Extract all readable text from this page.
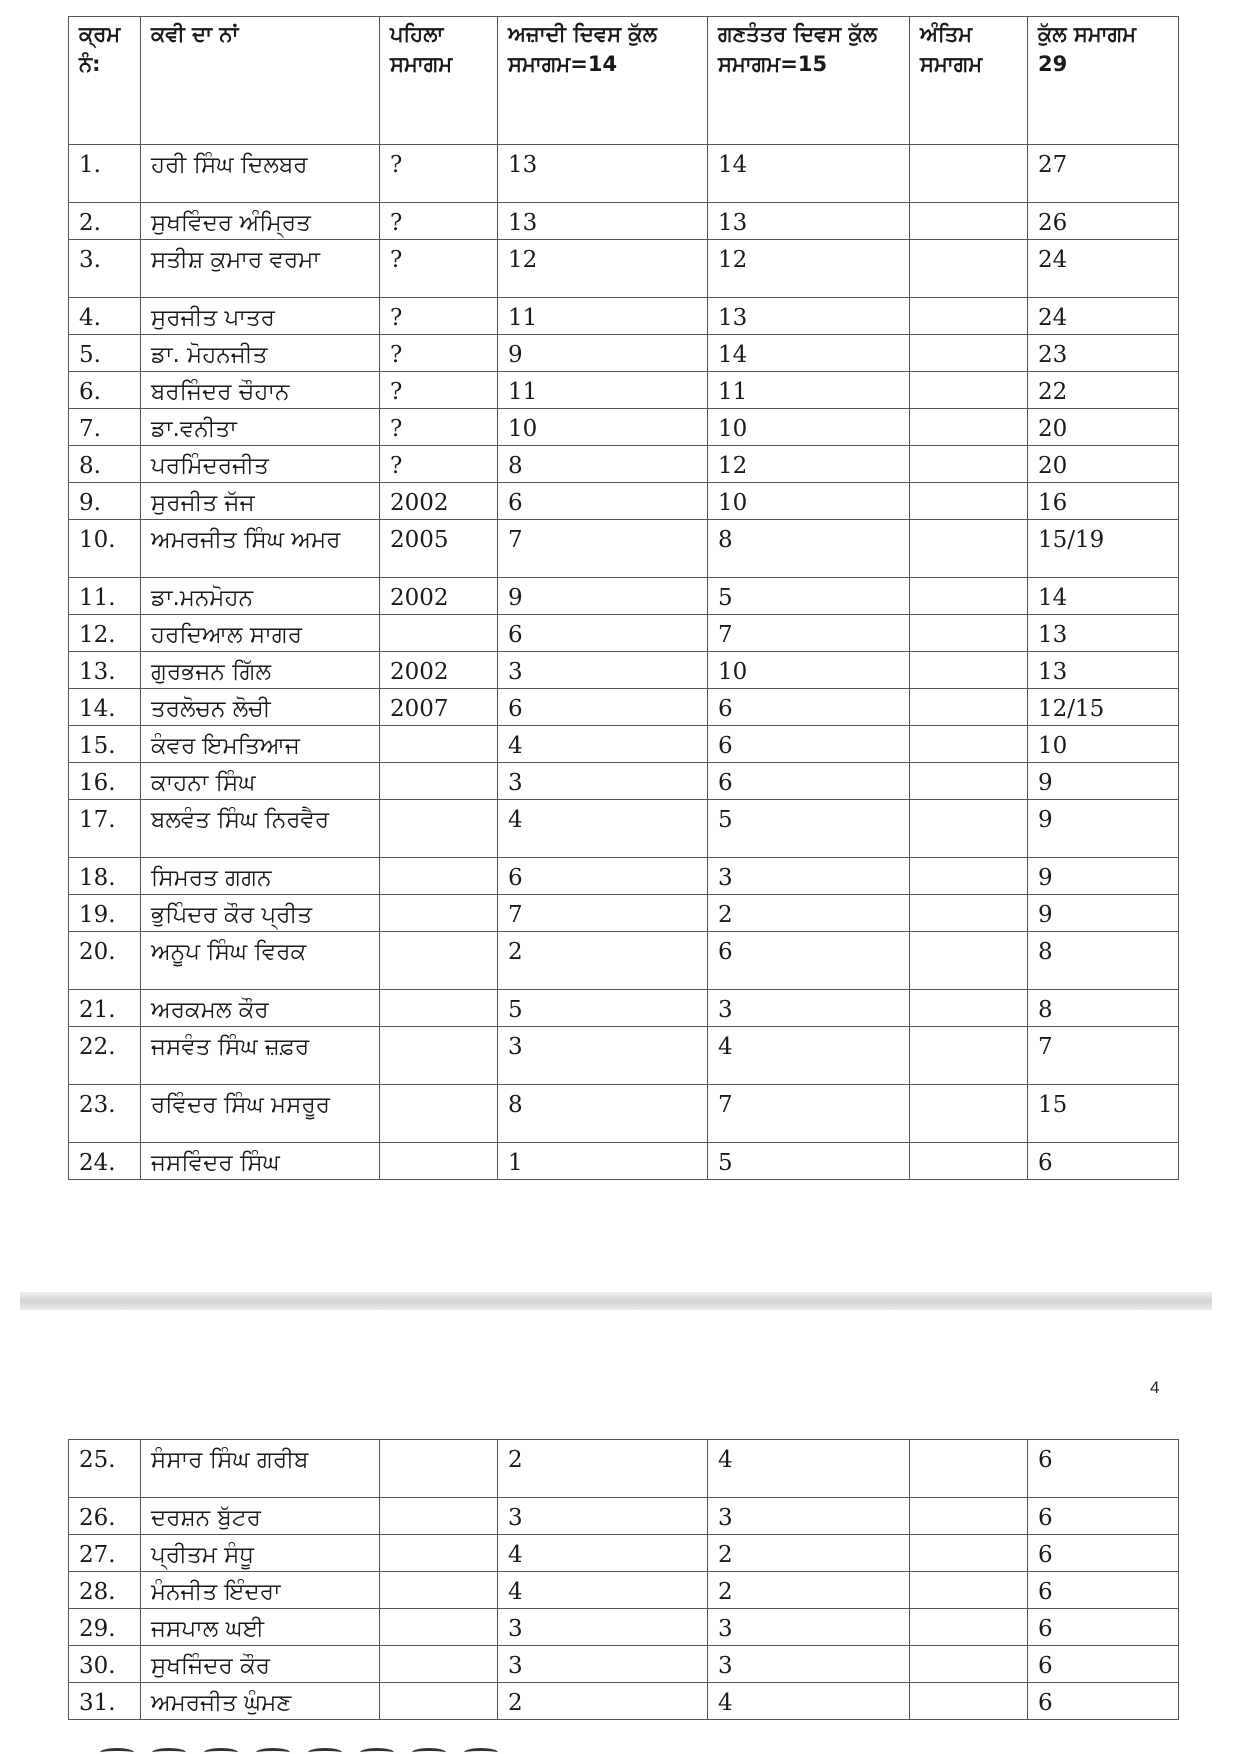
ਕ੍ਰਮ ਨੰ:	ਕਵੀ ਦਾ ਨਾਂ	ਪਹਿਲਾ ਸਮਾਗਮ	ਅਜ਼ਾਦੀ ਦਿਵਸ ਕੁੱਲ ਸਮਾਗਮ=14	ਗਣਤੰਤਰ ਦਿਵਸ ਕੁੱਲ ਸਮਾਗਮ=15	ਅੰਤਿਮ ਸਮਾਗਮ	ਕੁੱਲ ਸਮਾਗਮ 29
1.	ਹਰੀ ਸਿੰਘ ਦਿਲਬਰ	?	13	14		27
2.	ਸੁਖਵਿੰਦਰ ਅੰਮ੍ਰਿਤ	?	13	13		26
3.	ਸਤੀਸ਼ ਕੁਮਾਰ ਵਰਮਾ	?	12	12		24
4.	ਸੁਰਜੀਤ ਪਾਤਰ	?	11	13		24
5.	ਡਾ. ਮੋਹਨਜੀਤ	?	9	14		23
6.	ਬਰਜਿੰਦਰ ਚੌਹਾਨ	?	11	11		22
7.	ਡਾ.ਵਨੀਤਾ	?	10	10		20
8.	ਪਰਮਿੰਦਰਜੀਤ	?	8	12		20
9.	ਸੁਰਜੀਤ ਜੱਜ	2002	6	10		16
10.	ਅਮਰਜੀਤ ਸਿੰਘ ਅਮਰ	2005	7	8		15/19
11.	ਡਾ.ਮਨਮੋਹਨ	2002	9	5		14
12.	ਹਰਦਿਆਲ ਸਾਗਰ		6	7		13
13.	ਗੁਰਭਜਨ ਗਿੱਲ	2002	3	10		13
14.	ਤਰਲੋਚਨ ਲੋਚੀ	2007	6	6		12/15
15.	ਕੰਵਰ ਇਮਤਿਆਜ		4	6		10
16.	ਕਾਹਨਾ ਸਿੰਘ		3	6		9
17.	ਬਲਵੰਤ ਸਿੰਘ ਨਿਰਵੈਰ		4	5		9
18.	ਸਿਮਰਤ ਗਗਨ		6	3		9
19.	ਭੁਪਿੰਦਰ ਕੌਰ ਪ੍ਰੀਤ		7	2		9
20.	ਅਨੂਪ ਸਿੰਘ ਵਿਰਕ		2	6		8
21.	ਅਰਕਮਲ ਕੌਰ		5	3		8
22.	ਜਸਵੰਤ ਸਿੰਘ ਜ਼ਫ਼ਰ		3	4		7
23.	ਰਵਿੰਦਰ ਸਿੰਘ ਮਸਰੂਰ		8	7		15
24.	ਜਸਵਿੰਦਰ ਸਿੰਘ		1	5		6
4
25.	ਸੰਸਾਰ ਸਿੰਘ ਗਰੀਬ		2	4		6
26.	ਦਰਸ਼ਨ ਬੁੱਟਰ		3	3		6
27.	ਪ੍ਰੀਤਮ ਸੰਧੂ		4	2		6
28.	ਮੰਨਜੀਤ ਇੰਦਰਾ		4	2		6
29.	ਜਸਪਾਲ ਘਈ		3	3		6
30.	ਸੁਖਜਿੰਦਰ ਕੌਰ		3	3		6
31.	ਅਮਰਜੀਤ ਘੁੰਮਣ		2	4		6
